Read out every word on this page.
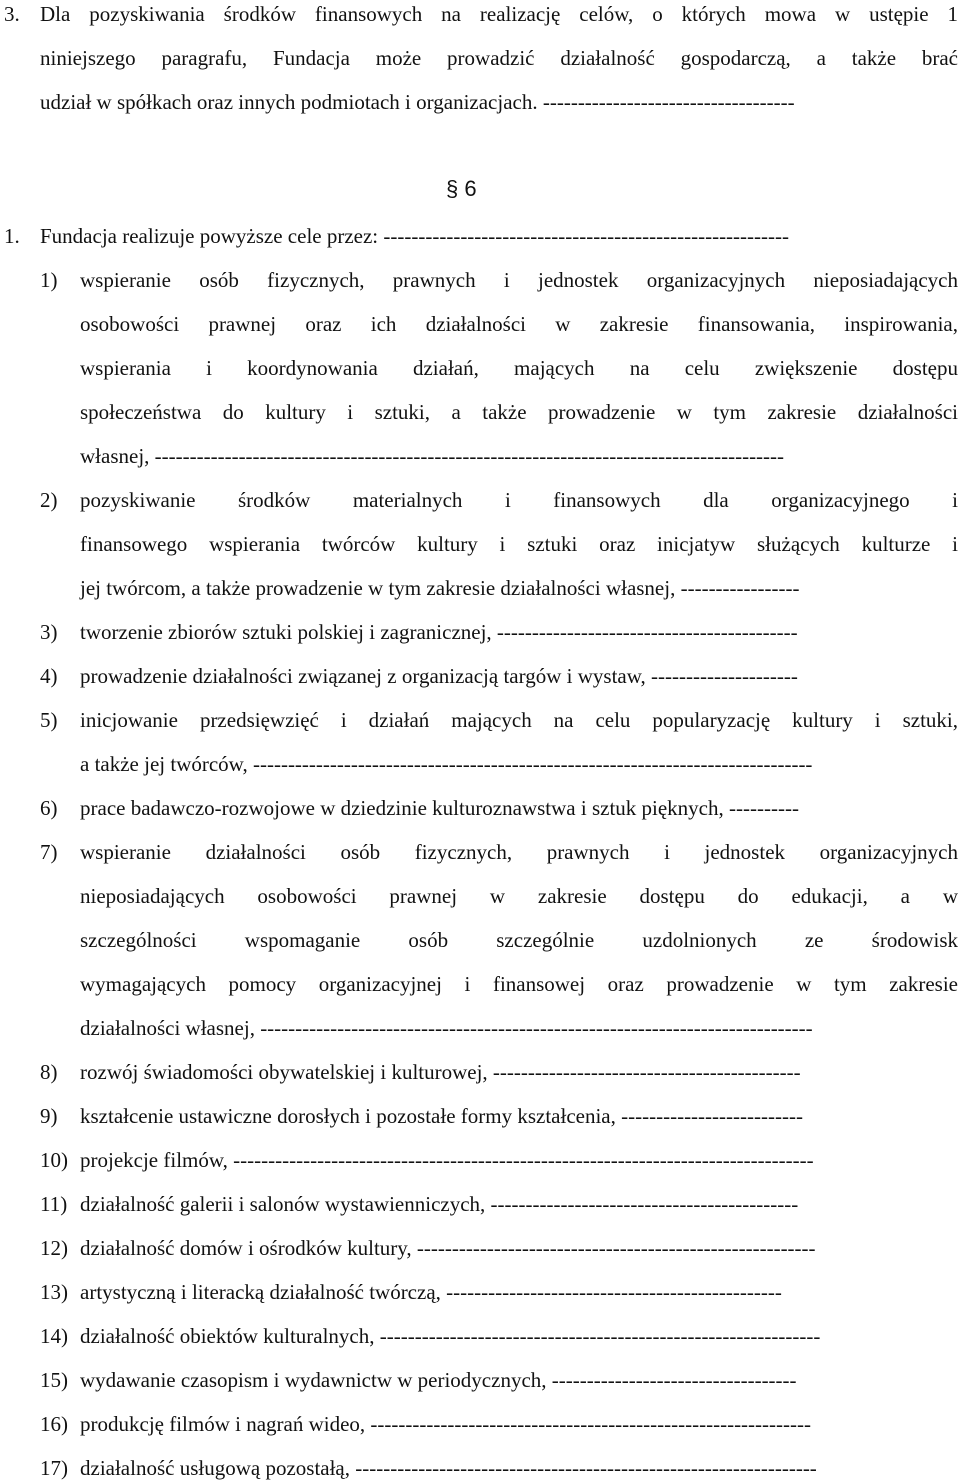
3. Dla pozyskiwania środków finansowych na realizację celów, o których mowa w ustępie 1
niniejszego paragrafu, Fundacja może prowadzić działalność gospodarczą, a także brać
udział w spółkach oraz innych podmiotach i organizacjach. ------------------------------------
§ 6
1. Fundacja realizuje powyższe cele przez: ----------------------------------------------------------
1) wspieranie osób fizycznych, prawnych i jednostek organizacyjnych nieposiadających
osobowości prawnej oraz ich działalności w zakresie finansowania, inspirowania,
wspierania i koordynowania działań, mających na celu zwiększenie dostępu
społeczeństwa do kultury i sztuki, a także prowadzenie w tym zakresie działalności
własnej, ------------------------------------------------------------------------------------------
2) pozyskiwanie środków materialnych i finansowych dla organizacyjnego i
finansowego wspierania twórców kultury i sztuki oraz inicjatyw służących kulturze i
jej twórcom, a także prowadzenie w tym zakresie działalności własnej, -----------------
3) tworzenie zbiorów sztuki polskiej i zagranicznej, -------------------------------------------
4) prowadzenie działalności związanej z organizacją targów i wystaw, ---------------------
5) inicjowanie przedsięwzięć i działań mających na celu popularyzację kultury i sztuki,
a także jej twórców, --------------------------------------------------------------------------------
6) prace badawczo-rozwojowe w dziedzinie kulturoznawstwa i sztuk pięknych, ----------
7) wspieranie działalności osób fizycznych, prawnych i jednostek organizacyjnych
nieposiadających osobowości prawnej w zakresie dostępu do edukacji, a w
szczególności wspomaganie osób szczególnie uzdolnionych ze środowisk
wymagających pomocy organizacyjnej i finansowej oraz prowadzenie w tym zakresie
działalności własnej, -------------------------------------------------------------------------------
8) rozwój świadomości obywatelskiej i kulturowej, --------------------------------------------
9) kształcenie ustawiczne dorosłych i pozostałe formy kształcenia, --------------------------
10) projekcje filmów, -----------------------------------------------------------------------------------
11) działalność galerii i salonów wystawienniczych, --------------------------------------------
12) działalność domów i ośrodków kultury, ---------------------------------------------------------
13) artystyczną i literacką działalność twórczą, ------------------------------------------------
14) działalność obiektów kulturalnych, ---------------------------------------------------------------
15) wydawanie czasopism i wydawnictw w periodycznych, -----------------------------------
16) produkcję filmów i nagrań wideo, ---------------------------------------------------------------
17) działalność usługową pozostałą, ------------------------------------------------------------------
